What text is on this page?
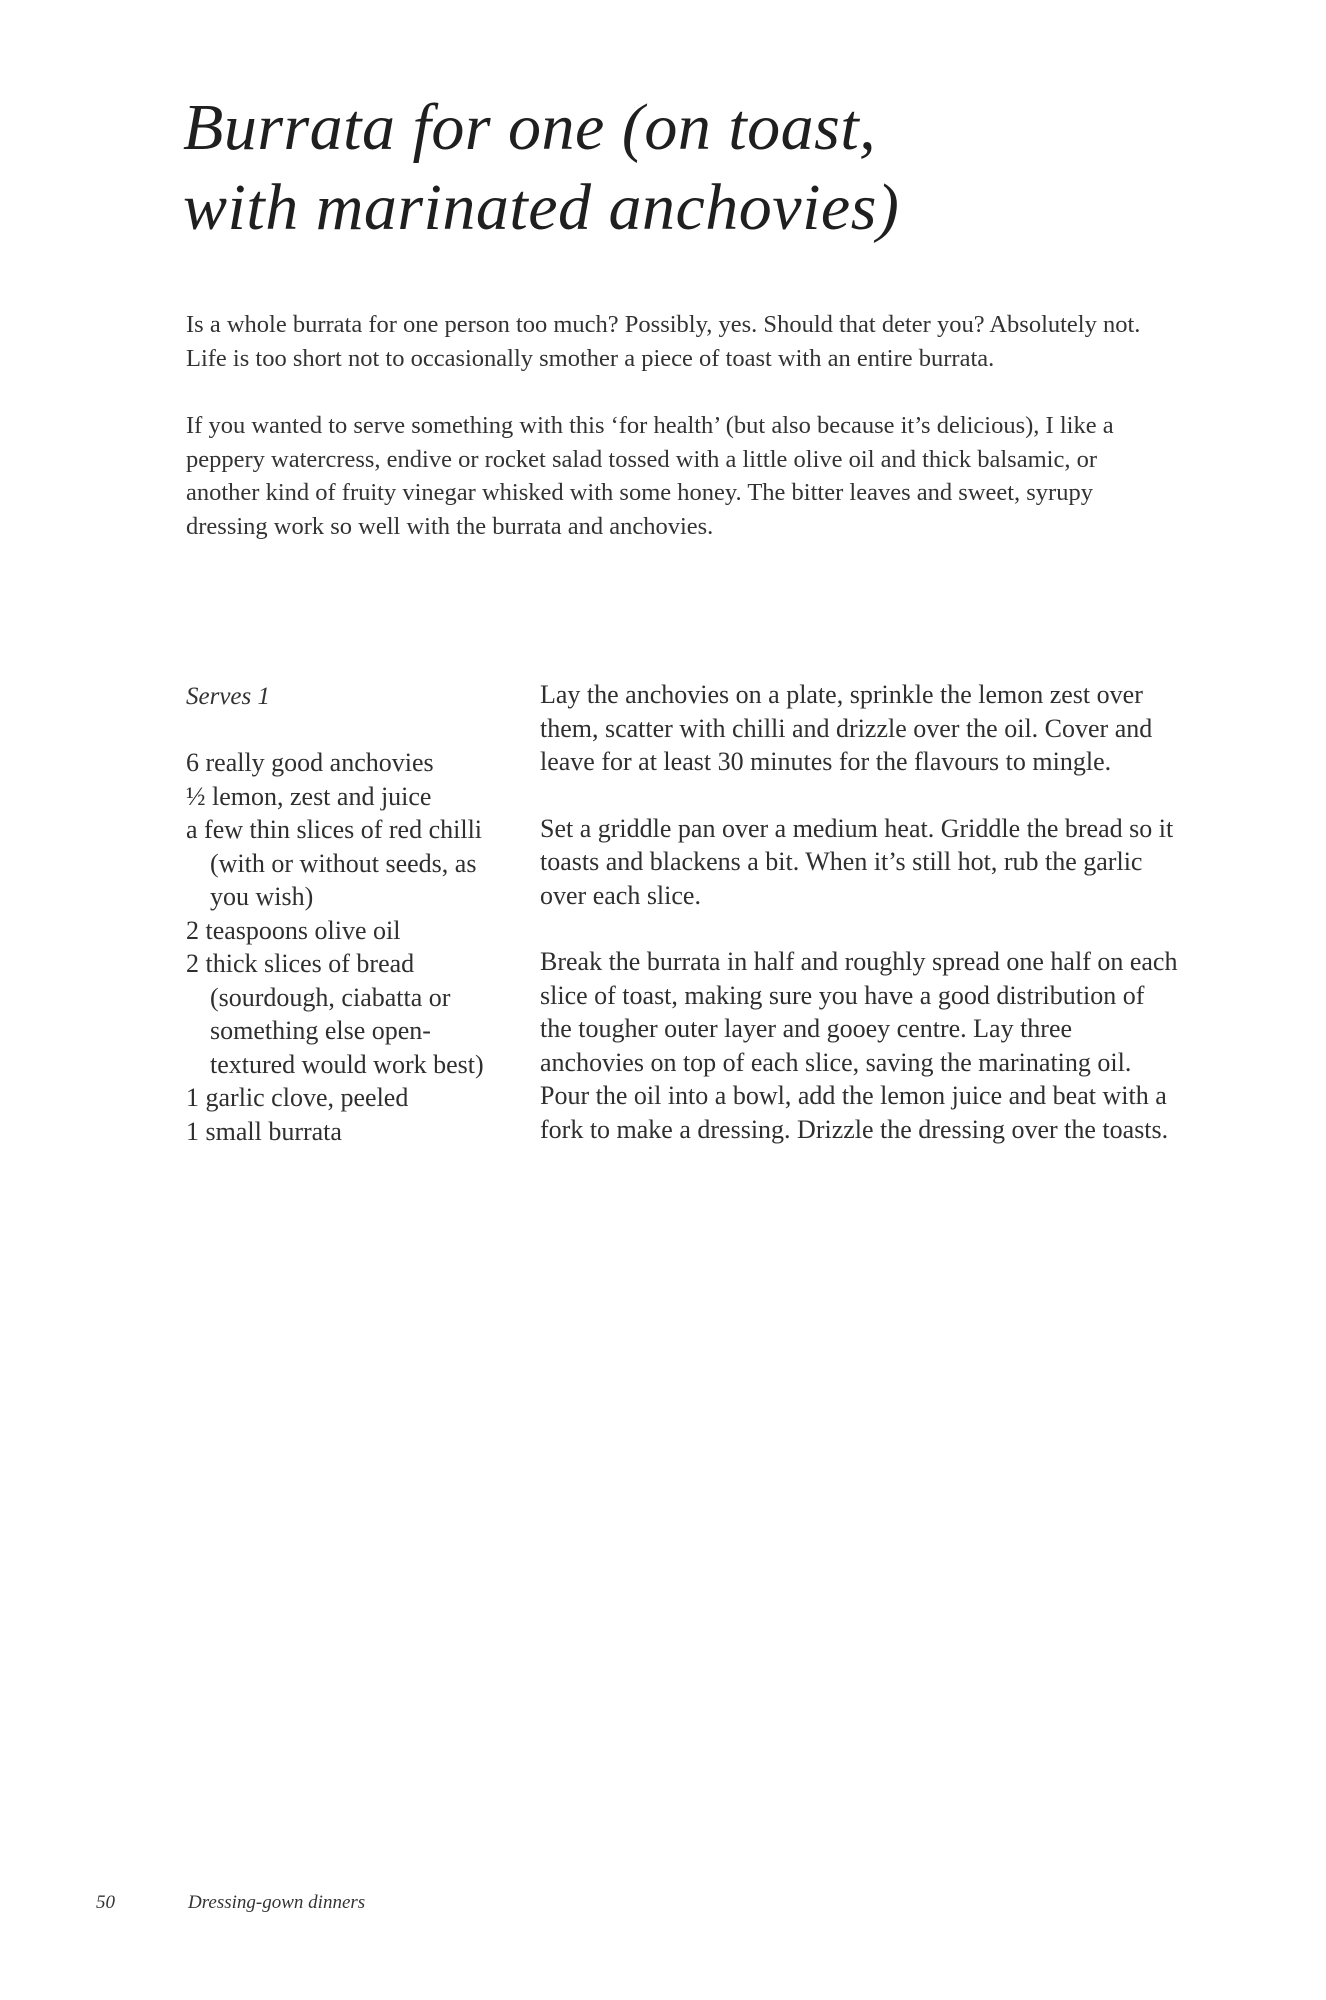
Burrata for one (on toast,
with marinated anchovies)

Is a whole burrata for one person too much? Possibly, yes. Should that deter you? Absolutely not. Life is too short not to occasionally smother a piece of toast with an entire burrata.

If you wanted to serve something with this ‘for health’ (but also because it’s delicious), I like a peppery watercress, endive or rocket salad tossed with a little olive oil and thick balsamic, or another kind of fruity vinegar whisked with some honey. The bitter leaves and sweet, syrupy dressing work so well with the burrata and anchovies.

Serves 1

6 really good anchovies
½ lemon, zest and juice
a few thin slices of red chilli (with or without seeds, as you wish)
2 teaspoons olive oil
2 thick slices of bread (sourdough, ciabatta or something else open-textured would work best)
1 garlic clove, peeled
1 small burrata

Lay the anchovies on a plate, sprinkle the lemon zest over them, scatter with chilli and drizzle over the oil. Cover and leave for at least 30 minutes for the flavours to mingle.

Set a griddle pan over a medium heat. Griddle the bread so it toasts and blackens a bit. When it’s still hot, rub the garlic over each slice.

Break the burrata in half and roughly spread one half on each slice of toast, making sure you have a good distribution of the tougher outer layer and gooey centre. Lay three anchovies on top of each slice, saving the marinating oil. Pour the oil into a bowl, add the lemon juice and beat with a fork to make a dressing. Drizzle the dressing over the toasts.

50	Dressing-gown dinners
